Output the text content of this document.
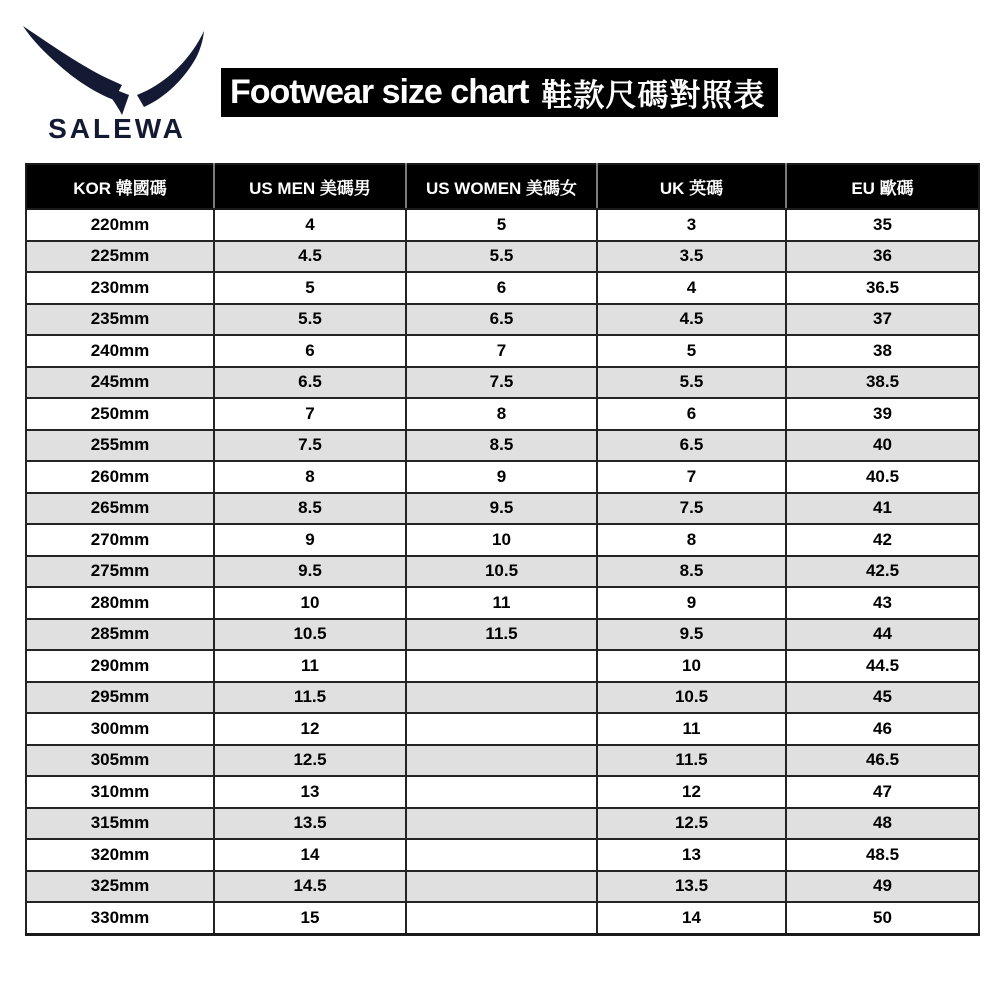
SALEWA
Footwear size chart 鞋款尺碼對照表
KOR 韓國碼	US MEN 美碼男	US WOMEN 美碼女	UK 英碼	EU 歐碼
220mm	4	5	3	35
225mm	4.5	5.5	3.5	36
230mm	5	6	4	36.5
235mm	5.5	6.5	4.5	37
240mm	6	7	5	38
245mm	6.5	7.5	5.5	38.5
250mm	7	8	6	39
255mm	7.5	8.5	6.5	40
260mm	8	9	7	40.5
265mm	8.5	9.5	7.5	41
270mm	9	10	8	42
275mm	9.5	10.5	8.5	42.5
280mm	10	11	9	43
285mm	10.5	11.5	9.5	44
290mm	11		10	44.5
295mm	11.5		10.5	45
300mm	12		11	46
305mm	12.5		11.5	46.5
310mm	13		12	47
315mm	13.5		12.5	48
320mm	14		13	48.5
325mm	14.5		13.5	49
330mm	15		14	50
